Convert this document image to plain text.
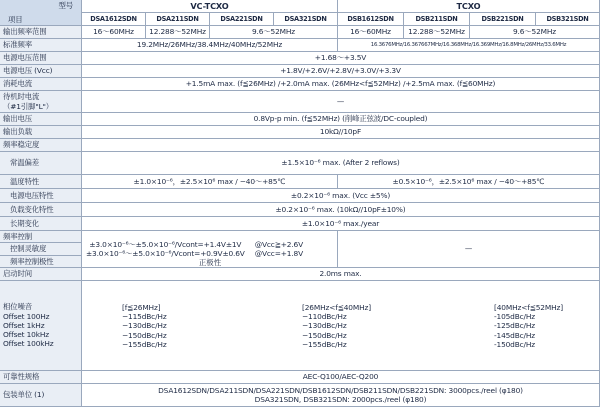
型号
项目
VC-TCXO	TCXO
DSA1612SDN	DSA211SDN	DSA221SDN	DSA321SDN	DSB1612SDN	DSB211SDN	DSB221SDN	DSB321SDN
输出频率范围	16～60MHz	12.288～52MHz	9.6～52MHz	16～60MHz	12.288～52MHz	9.6～52MHz
标准频率	19.2MHz/26MHz/38.4MHz/40MHz/52MHz	16.3676MHz/16.367667MHz/16.368MHz/16.369MHz/16.8MHz/26MHz/33.6MHz
电源电压范围	+1.68～+3.5V
电源电压 (Vcc)	+1.8V/+2.6V/+2.8V/+3.0V/+3.3V
消耗电流	+1.5mA max. (f≦26MHz) /+2.0mA max. (26MHz<f≦52MHz) /+2.5mA max. (f≦60MHz)
待机时电流
（#1引脚"L"）
—
输出电压	0.8Vp-p min. (f≦52MHz) (削峰正弦波/DC-coupled)
输出负载	10kΩ//10pF
频率稳定度
常温偏差	±1.5×10⁻⁶ max. (After 2 reflows)
温度特性	±1.0×10⁻⁶，±2.5×10⁶ max / −40～+85℃	±0.5×10⁻⁶，±2.5×10⁶ max / −40～+85℃
电源电压特性	±0.2×10⁻⁶ max. (Vcc ±5%)
负载变化特性	±0.2×10⁻⁶ max. (10kΩ//10pF±10%)
长期变化	±1.0×10⁻⁶ max./year
频率控制
±3.0×10⁻⁶～±5.0×10⁻⁶/Vcont=+1.4V±1V
±3.0×10⁻⁶～±5.0×10⁻⁶/Vcont=+0.9V±0.6V
@Vcc≧+2.6V
@Vcc=+1.8V
—
控制灵敏度
频率控制极性	正极性
启动时间	2.0ms max.
相位噪音
Offset 100Hz
Offset 1kHz
Offset 10kHz
Offset 100kHz
[f≦26MHz]
−115dBc/Hz
−130dBc/Hz
−150dBc/Hz
−155dBc/Hz
[26MHz<f≦40MHz]
−110dBc/Hz
−130dBc/Hz
−150dBc/Hz
−155dBc/Hz
[40MHz<f≦52MHz]
-105dBc/Hz
-125dBc/Hz
-145dBc/Hz
-150dBc/Hz
可靠性规格	AEC-Q100/AEC-Q200
包装单位 (1)
DSA1612SDN/DSA211SDN/DSA221SDN/DSB1612SDN/DSB211SDN/DSB221SDN: 3000pcs./reel (φ180)
DSA321SDN, DSB321SDN: 2000pcs./reel (φ180)
